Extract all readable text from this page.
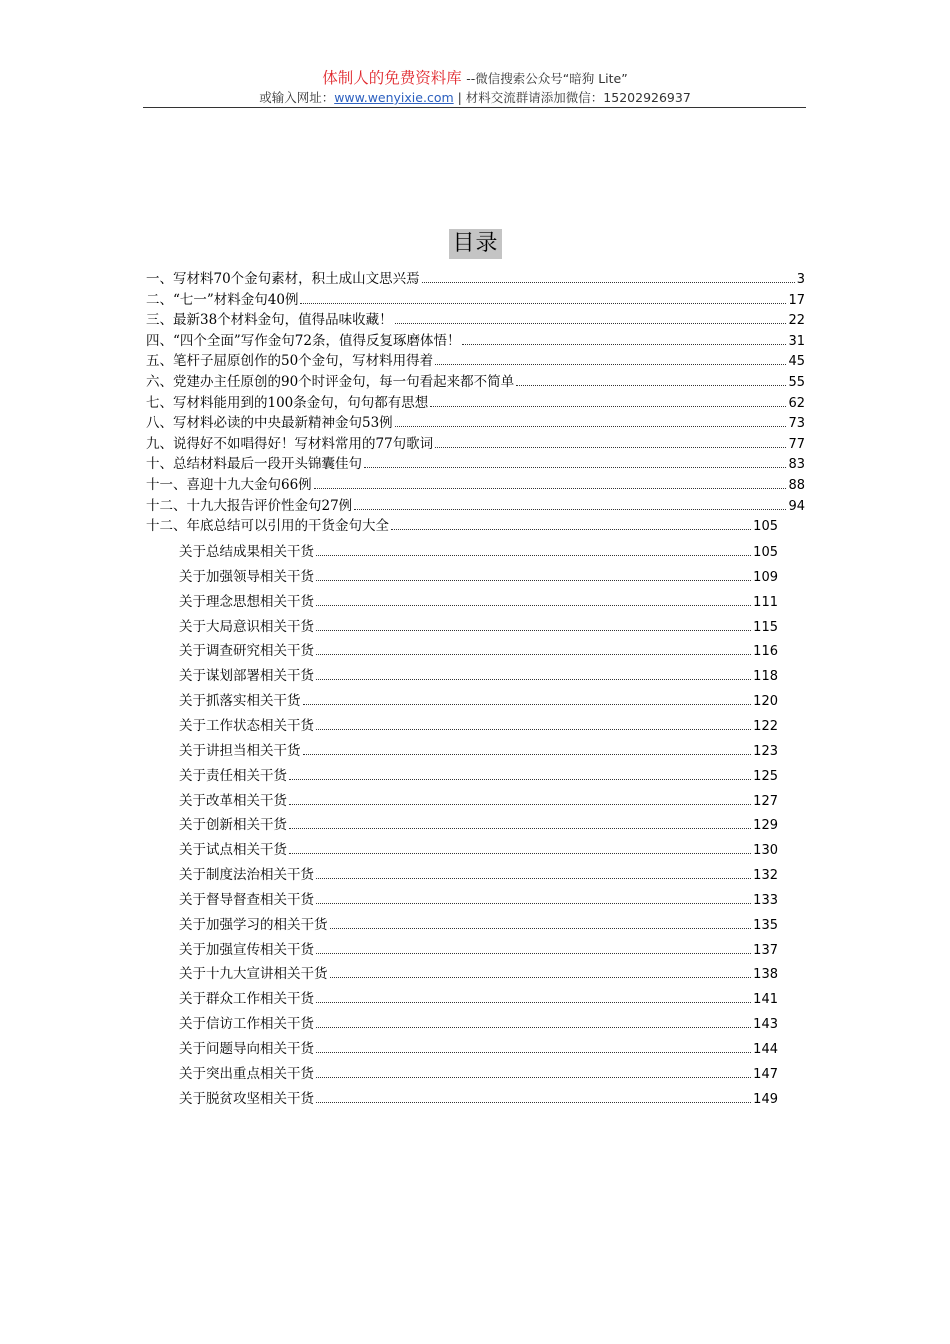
体制人的免费资料库 --微信搜索公众号“暗狗 Lite”
或输入网址：www.wenyixie.com | 材料交流群请添加微信：15202926937
目录
一、写材料70个金句素材，积土成山文思兴焉	3
二、“七一”材料金句40例	17
三、最新38个材料金句，值得品味收藏！	22
四、“四个全面”写作金句72条，值得反复琢磨体悟！	31
五、笔杆子屈原创作的50个金句，写材料用得着	45
六、党建办主任原创的90个时评金句，每一句看起来都不简单	55
七、写材料能用到的100条金句，句句都有思想	62
八、写材料必读的中央最新精神金句53例	73
九、说得好不如唱得好！写材料常用的77句歌词	77
十、总结材料最后一段开头锦囊佳句	83
十一、喜迎十九大金句66例	88
十二、十九大报告评价性金句27例	94
十二、年底总结可以引用的干货金句大全	105
关于总结成果相关干货	105
关于加强领导相关干货	109
关于理念思想相关干货	111
关于大局意识相关干货	115
关于调查研究相关干货	116
关于谋划部署相关干货	118
关于抓落实相关干货	120
关于工作状态相关干货	122
关于讲担当相关干货	123
关于责任相关干货	125
关于改革相关干货	127
关于创新相关干货	129
关于试点相关干货	130
关于制度法治相关干货	132
关于督导督查相关干货	133
关于加强学习的相关干货	135
关于加强宣传相关干货	137
关于十九大宣讲相关干货	138
关于群众工作相关干货	141
关于信访工作相关干货	143
关于问题导向相关干货	144
关于突出重点相关干货	147
关于脱贫攻坚相关干货	149
